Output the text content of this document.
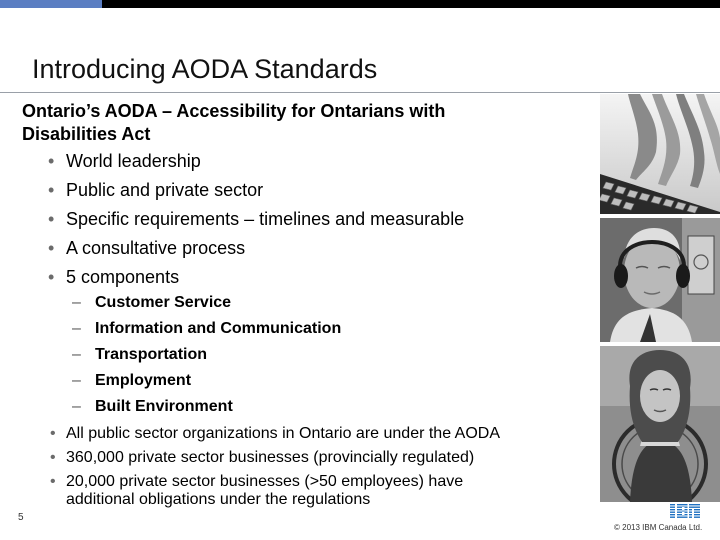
Introducing AODA Standards
Ontario’s AODA – Accessibility for Ontarians with Disabilities Act
• World leadership
• Public and private sector
• Specific requirements – timelines and measurable
• A consultative process
• 5 components
– Customer Service
– Information and Communication
– Transportation
– Employment
– Built Environment
• All public sector organizations in Ontario are under the AODA
• 360,000 private sector businesses (provincially regulated)
• 20,000 private sector businesses (>50 employees) have additional obligations under the regulations
5
© 2013 IBM Canada Ltd.
